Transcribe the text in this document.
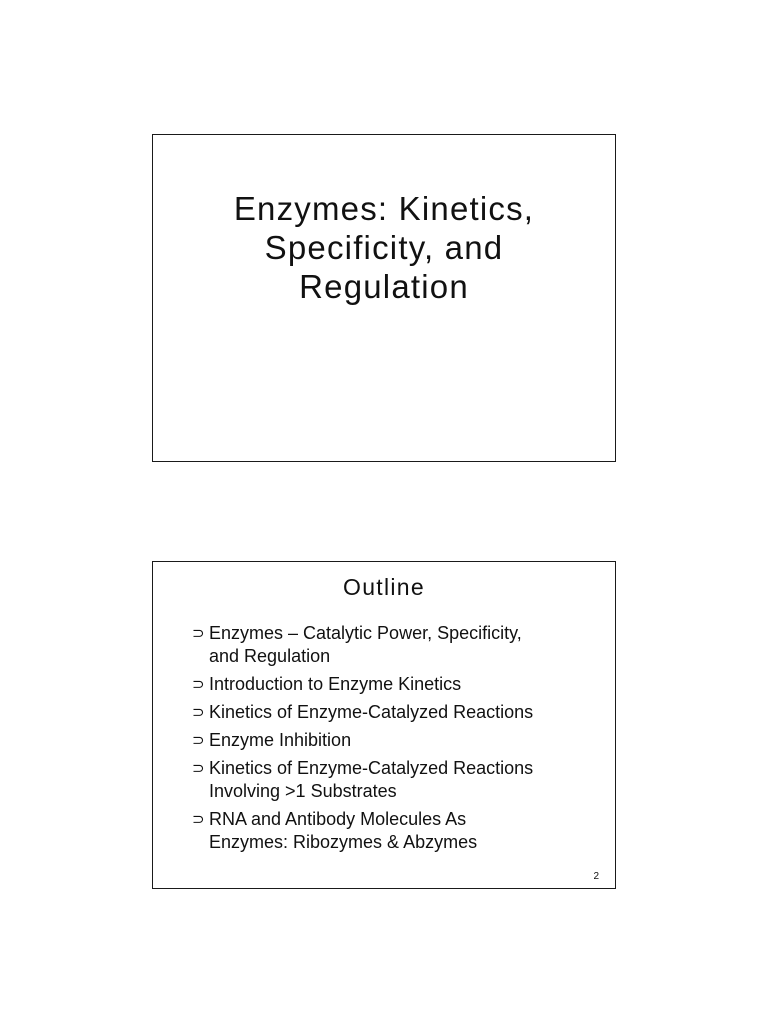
Enzymes: Kinetics,
Specificity, and
Regulation
Outline
⊃ Enzymes – Catalytic Power, Specificity,
and Regulation
⊃ Introduction to Enzyme Kinetics
⊃ Kinetics of Enzyme-Catalyzed Reactions
⊃ Enzyme Inhibition
⊃ Kinetics of Enzyme-Catalyzed Reactions
Involving >1 Substrates
⊃ RNA and Antibody Molecules As
Enzymes: Ribozymes & Abzymes
2
